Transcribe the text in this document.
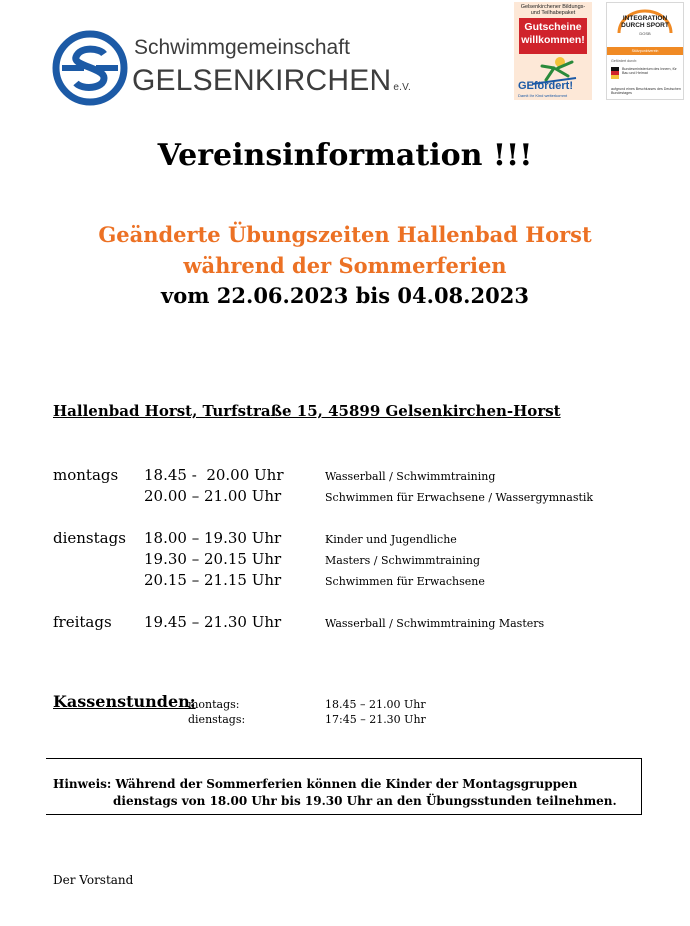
Schwimmgemeinschaft
GELSENKIRCHEN e.V.
Gelsenkirchener Bildungs- und Teilhabepaket
Gutscheine
willkommen!
GEfördert!
Damit Ihr Kind weiterkommt
INTEGRATION
DURCH SPORT
DOSB
Stützpunktverein
Gefördert durch:
Bundesministerium des Innern, für Bau und Heimat
aufgrund eines Beschlusses des Deutschen Bundestages
Vereinsinformation !!!
Geänderte Übungszeiten Hallenbad Horst
während der Sommerferien
vom 22.06.2023 bis 04.08.2023
Hallenbad Horst, Turfstraße 15, 45899 Gelsenkirchen-Horst
montags 18.45 -  20.00 Uhr	Wasserball / Schwimmtraining
20.00 – 21.00 Uhr	Schwimmen für Erwachsene / Wassergymnastik
dienstags 18.00 – 19.30 Uhr	Kinder und Jugendliche
19.30 – 20.15 Uhr	Masters / Schwimmtraining
20.15 – 21.15 Uhr	Schwimmen für Erwachsene
freitags 19.45 – 21.30 Uhr	Wasserball / Schwimmtraining Masters
Kassenstunden:
montags:	18.45 – 21.00 Uhr
dienstags:	17:45 – 21.30 Uhr
Hinweis: Während der Sommerferien können die Kinder der Montagsgruppen
dienstags von 18.00 Uhr bis 19.30 Uhr an den Übungsstunden teilnehmen.
Der Vorstand
